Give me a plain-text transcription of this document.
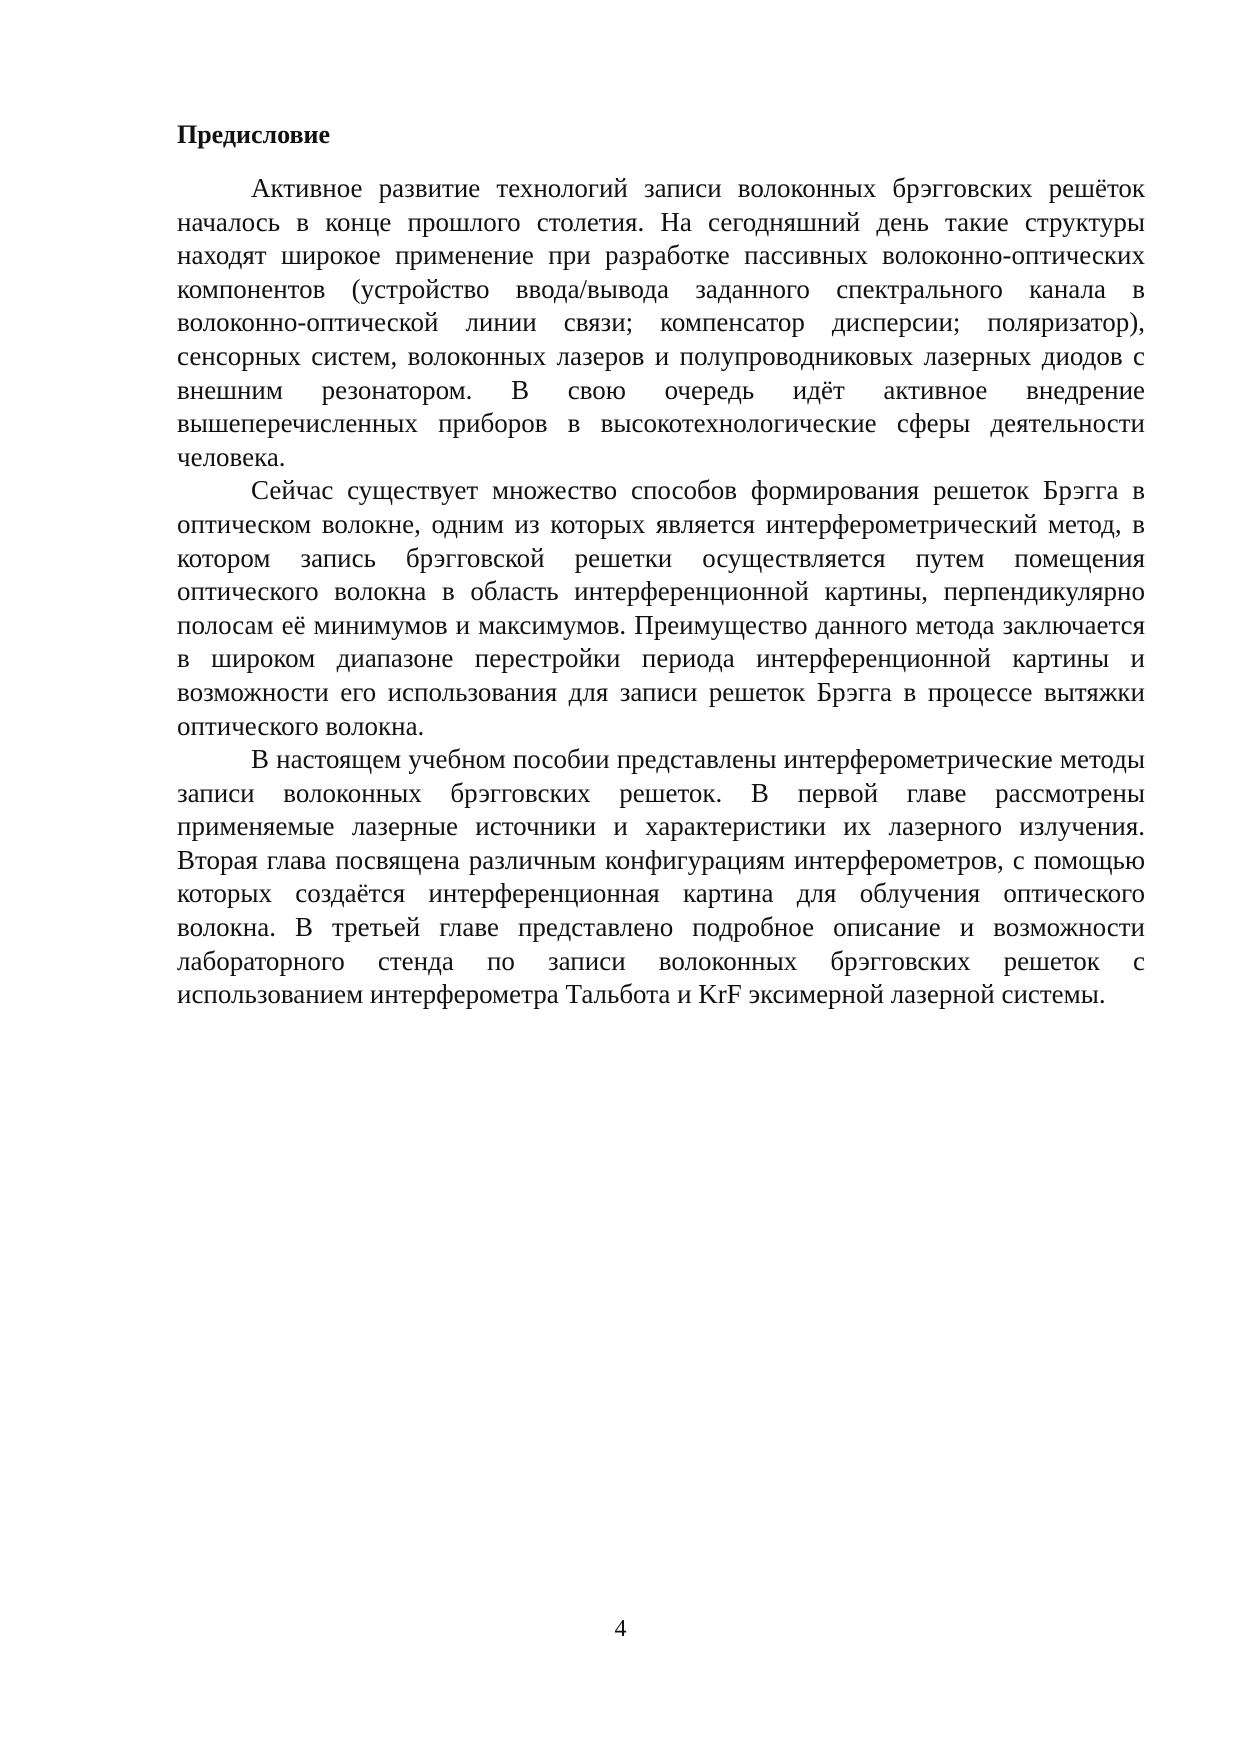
Предисловие

Активное развитие технологий записи волоконных брэгговских решёток началось в конце прошлого столетия. На сегодняшний день такие структуры находят широкое применение при разработке пассивных волоконно-оптических компонентов (устройство ввода/вывода заданного спектрального канала в волоконно-оптической линии связи; компенсатор дисперсии; поляризатор), сенсорных систем, волоконных лазеров и полупроводниковых лазерных диодов с внешним резонатором. В свою очередь идёт активное внедрение вышеперечисленных приборов в высокотехнологические сферы деятельности человека.

Сейчас существует множество способов формирования решеток Брэгга в оптическом волокне, одним из которых является интерферометрический метод, в котором запись брэгговской решетки осуществляется путем помещения оптического волокна в область интерференционной картины, перпендикулярно полосам её минимумов и максимумов. Преимущество данного метода заключается в широком диапазоне перестройки периода интерференционной картины и возможности его использования для записи решеток Брэгга в процессе вытяжки оптического волокна.

В настоящем учебном пособии представлены интерферометрические методы записи волоконных брэгговских решеток. В первой главе рассмотрены применяемые лазерные источники и характеристики их лазерного излучения. Вторая глава посвящена различным конфигурациям интерферометров, с помощью которых создаётся интерференционная картина для облучения оптического волокна. В третьей главе представлено подробное описание и возможности лабораторного стенда по записи волоконных брэгговских решеток с использованием интерферометра Тальбота и KrF эксимерной лазерной системы.

4
